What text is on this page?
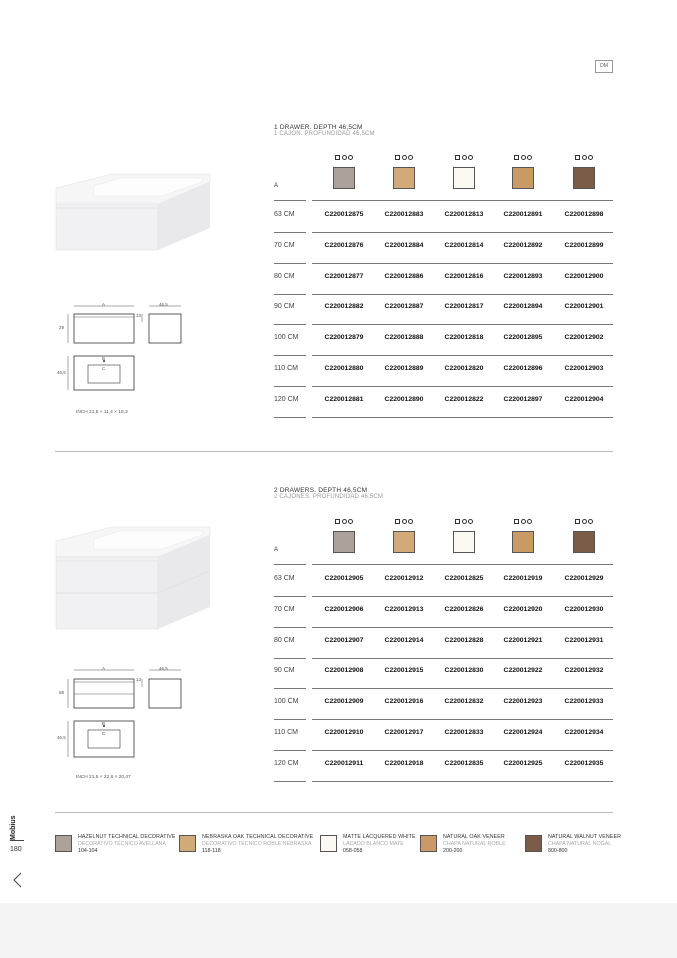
DM
1 DRAWER. DEPTH 46,5CM
1 CAJÓN. PROFUNDIDAD 46,5CM
A	46,5
29
13
B
C
46,5
INCH 21,5 × 11,4 × 18,3
A
63 CM	C220012875	C220012883	C220012813	C220012891	C220012898
70 CM	C220012876	C220012884	C220012814	C220012892	C220012899
80 CM	C220012877	C220012886	C220012816	C220012893	C220012900
90 CM	C220012882	C220012887	C220012817	C220012894	C220012901
100 CM	C220012879	C220012888	C220012818	C220012895	C220012902
110 CM	C220012880	C220012889	C220012820	C220012896	C220012903
120 CM	C220012881	C220012890	C220012822	C220012897	C220012904
2 DRAWERS. DEPTH 46,5CM
2 CAJONES. PROFUNDIDAD 46,5CM
A	46,5
58
13
B
C
46,5
INCH 21,5 × 22,8 × 20,47
A
63 CM	C220012905	C220012912	C220012825	C220012919	C220012929
70 CM	C220012906	C220012913	C220012826	C220012920	C220012930
80 CM	C220012907	C220012914	C220012828	C220012921	C220012931
90 CM	C220012908	C220012915	C220012830	C220012922	C220012932
100 CM	C220012909	C220012916	C220012832	C220012923	C220012933
110 CM	C220012910	C220012917	C220012833	C220012924	C220012934
120 CM	C220012911	C220012918	C220012835	C220012925	C220012935
Mobius
180
HAZELNUT TECHNICAL DECORATIVE
DECORATIVO TÉCNICO AVELLANA
104-104
NEBRASKA OAK TECHNICAL DECORATIVE
DECORATIVO TÉCNICO ROBLE NEBRASKA
118-118
MATTE LACQUERED WHITE
LACADO BLANCO MATE
058-058
NATURAL OAK VENEER
CHAPA NATURAL ROBLE
200-200
NATURAL WALNUT VENEER
CHAPA NATURAL NOGAL
800-800
